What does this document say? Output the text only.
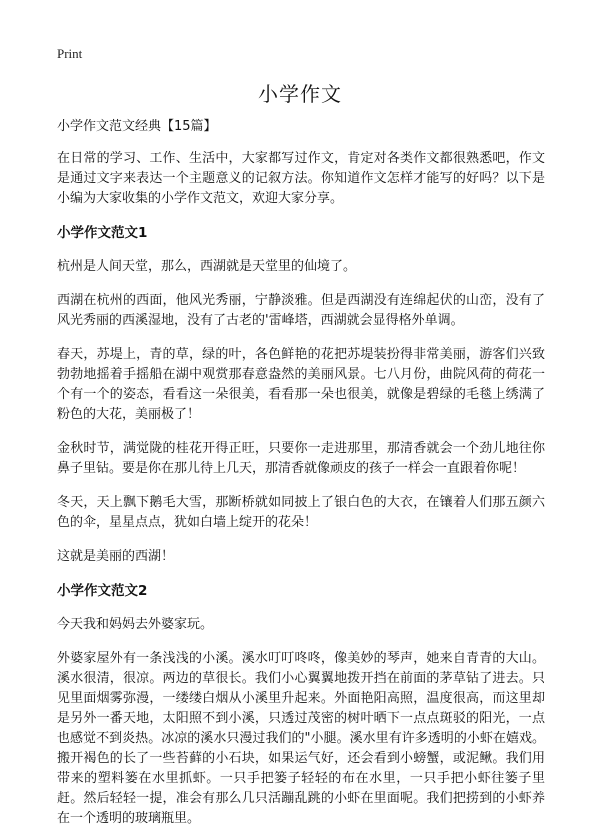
Print
小学作文

小学作文范文经典【15篇】

在日常的学习、工作、生活中，大家都写过作文，肯定对各类作文都很熟悉吧，作文是通过文字来表达一个主题意义的记叙方法。你知道作文怎样才能写的好吗？以下是小编为大家收集的小学作文范文，欢迎大家分享。

小学作文范文1

杭州是人间天堂，那么，西湖就是天堂里的仙境了。

西湖在杭州的西面，他风光秀丽，宁静淡雅。但是西湖没有连绵起伏的山峦，没有了风光秀丽的西溪湿地，没有了古老的'雷峰塔，西湖就会显得格外单调。

春天，苏堤上，青的草，绿的叶，各色鲜艳的花把苏堤装扮得非常美丽，游客们兴致勃勃地摇着手摇船在湖中观赏那春意盎然的美丽风景。七八月份，曲院风荷的荷花一个有一个的姿态，看看这一朵很美，看看那一朵也很美，就像是碧绿的毛毯上绣满了粉色的大花，美丽极了！

金秋时节，满觉陇的桂花开得正旺，只要你一走进那里，那清香就会一个劲儿地往你鼻子里钻。要是你在那儿待上几天，那清香就像顽皮的孩子一样会一直跟着你呢！

冬天，天上飘下鹅毛大雪，那断桥就如同披上了银白色的大衣，在镶着人们那五颜六色的伞，星星点点，犹如白墙上绽开的花朵！

这就是美丽的西湖！

小学作文范文2

今天我和妈妈去外婆家玩。

外婆家屋外有一条浅浅的小溪。溪水叮叮咚咚，像美妙的琴声，她来自青青的大山。溪水很清，很凉。两边的草很长。我们小心翼翼地拨开挡在前面的茅草钻了进去。只见里面烟雾弥漫，一缕缕白烟从小溪里升起来。外面艳阳高照，温度很高，而这里却是另外一番天地，太阳照不到小溪，只透过茂密的树叶晒下一点点斑驳的阳光，一点也感觉不到炎热。冰凉的溪水只漫过我们的"小腿。溪水里有许多透明的小虾在嬉戏。搬开褐色的长了一些苔藓的小石块，如果运气好，还会看到小螃蟹，或泥鳅。我们用带来的塑料篓在水里抓虾。一只手把篓子轻轻的布在水里，一只手把小虾往篓子里赶。然后轻轻一提，准会有那么几只活蹦乱跳的小虾在里面呢。我们把捞到的小虾养在一个透明的玻璃瓶里。
